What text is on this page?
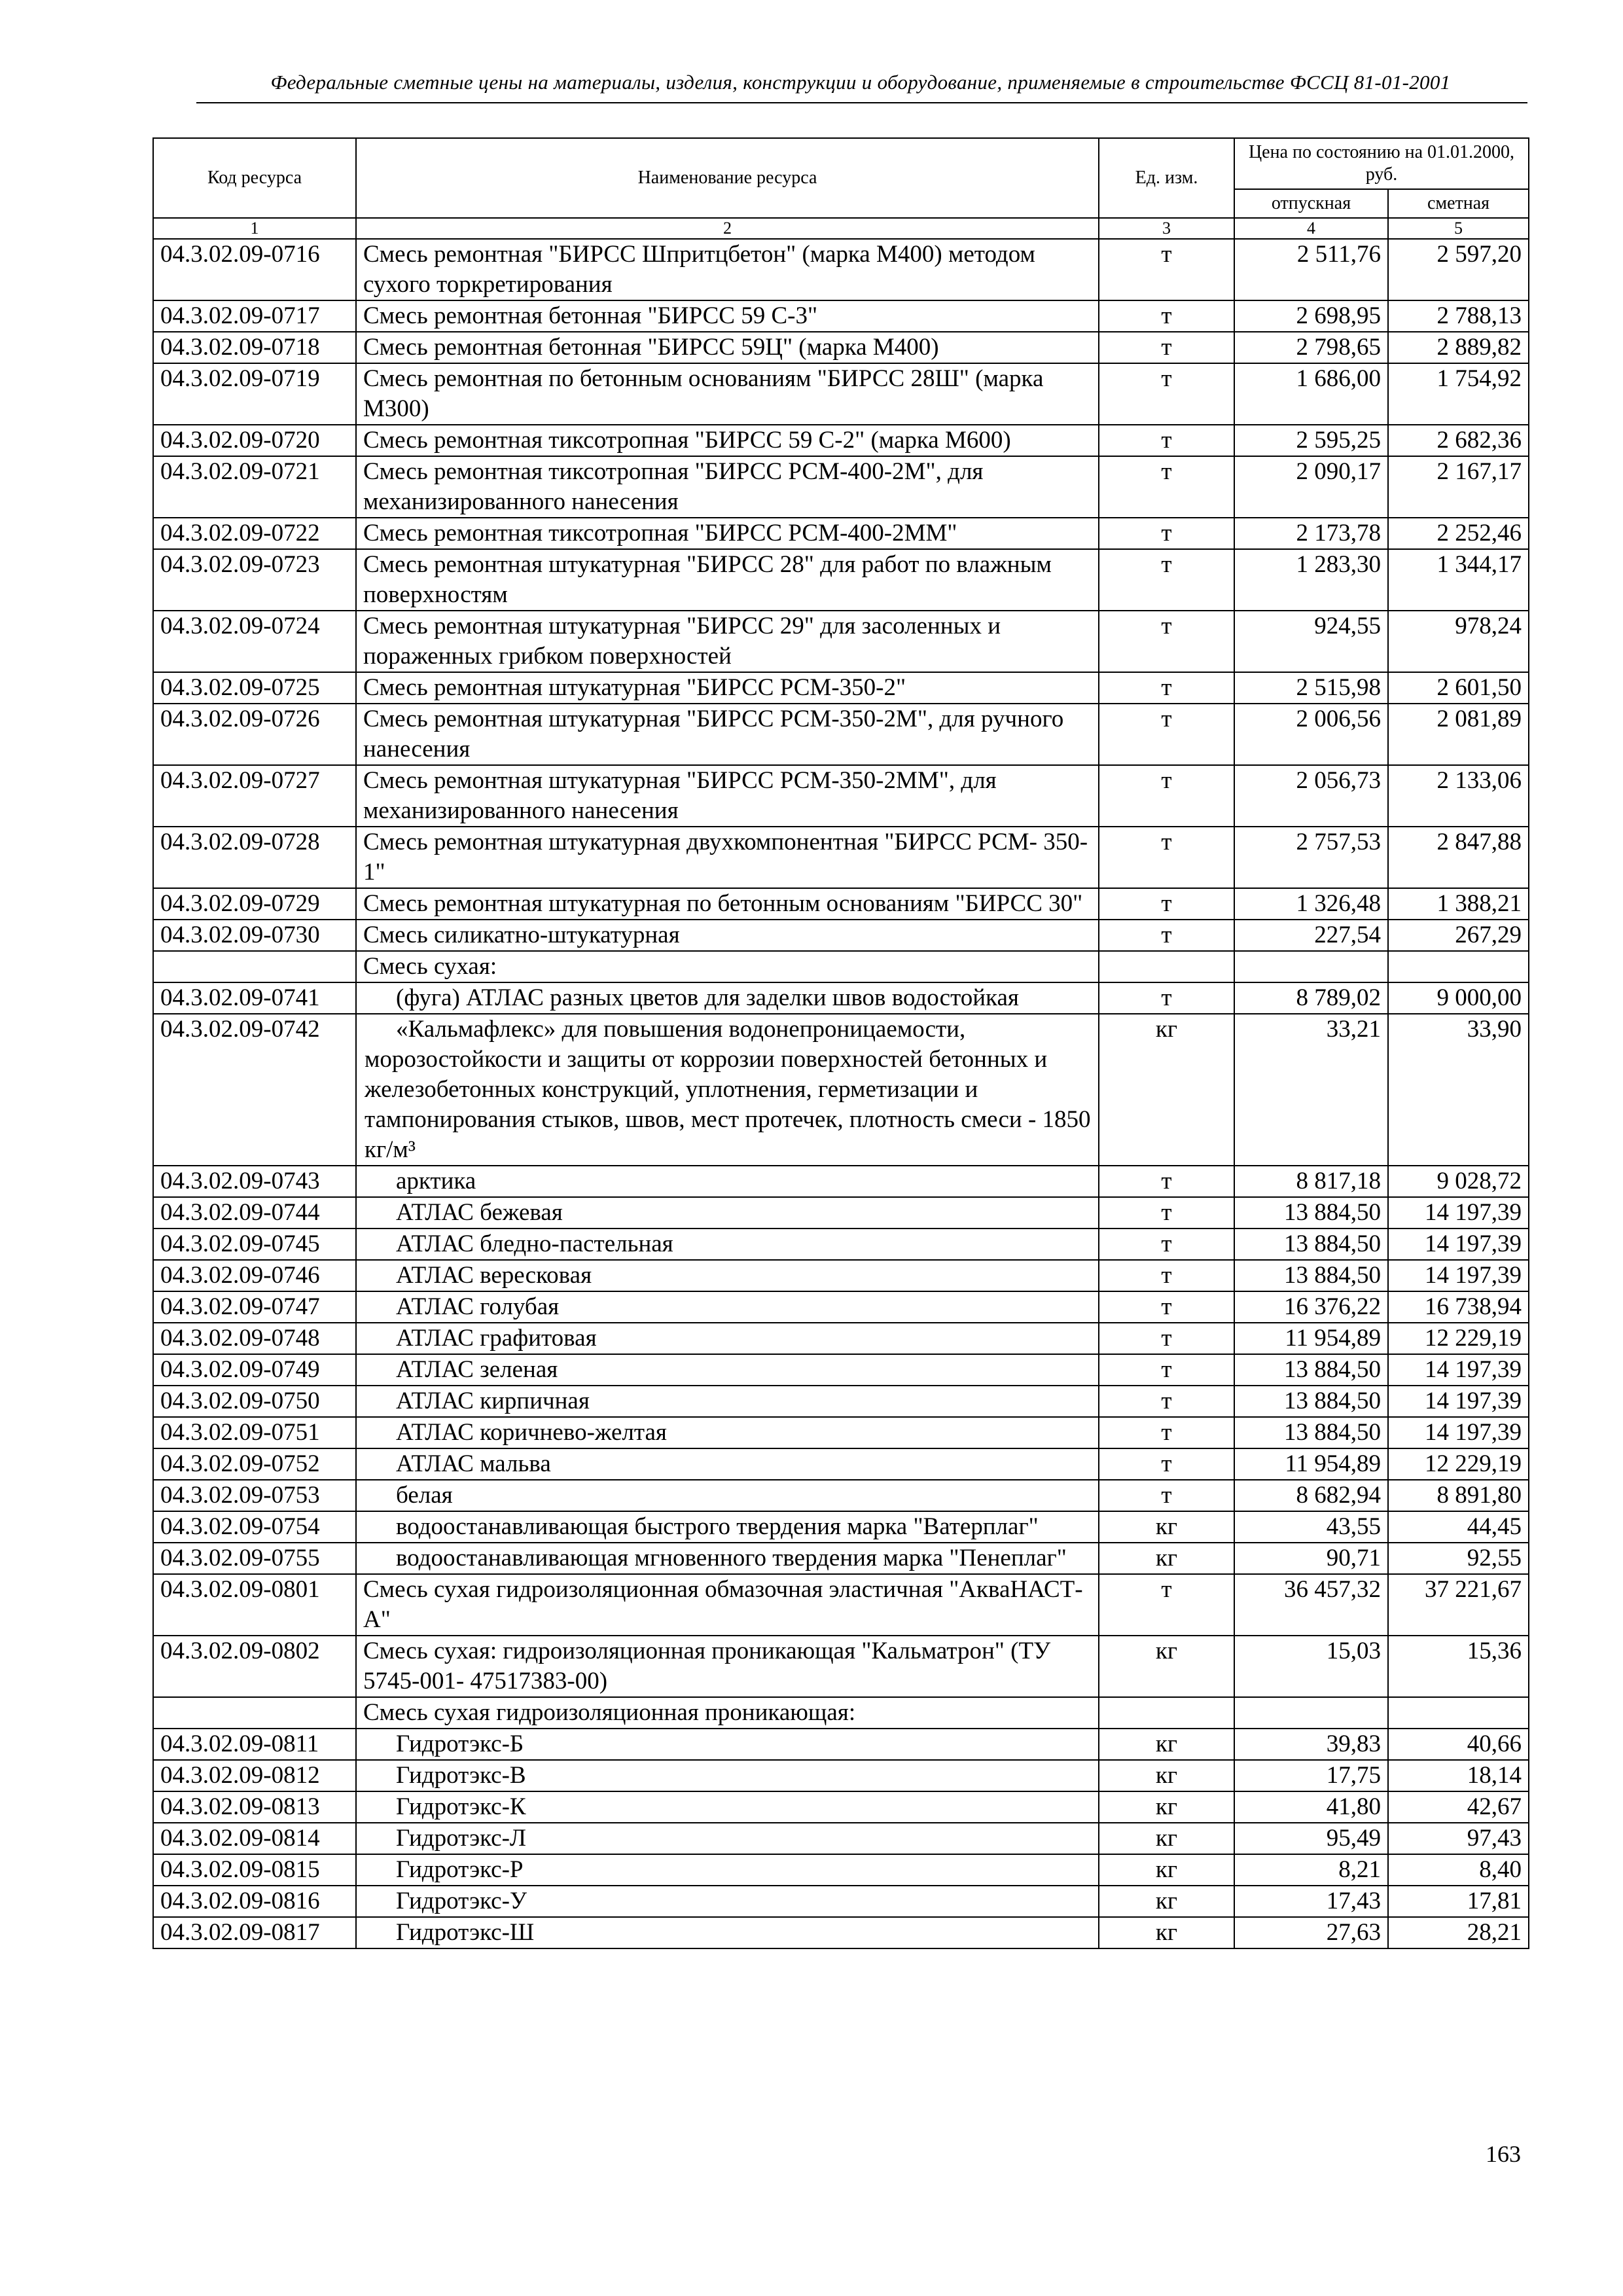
Федеральные сметные цены на материалы, изделия, конструкции и оборудование, применяемые в строительстве ФССЦ 81-01-2001
Код ресурса	Наименование ресурса	Ед. изм.	Цена по состоянию на 01.01.2000, руб.	
			отпускная	сметная
1	2	3	4	5
04.3.02.09-0716	Смесь ремонтная "БИРСС Шпритцбетон" (марка М400) методом сухого торкретирования	т	2 511,76	2 597,20
04.3.02.09-0717	Смесь ремонтная бетонная "БИРСС 59 С-3"	т	2 698,95	2 788,13
04.3.02.09-0718	Смесь ремонтная бетонная "БИРСС 59Ц" (марка М400)	т	2 798,65	2 889,82
04.3.02.09-0719	Смесь ремонтная по бетонным основаниям "БИРСС 28Ш" (марка М300)	т	1 686,00	1 754,92
04.3.02.09-0720	Смесь ремонтная тиксотропная "БИРСС 59 С-2" (марка М600)	т	2 595,25	2 682,36
04.3.02.09-0721	Смесь ремонтная тиксотропная "БИРСС РСМ-400-2М", для механизированного нанесения	т	2 090,17	2 167,17
04.3.02.09-0722	Смесь ремонтная тиксотропная "БИРСС РСМ-400-2ММ"	т	2 173,78	2 252,46
04.3.02.09-0723	Смесь ремонтная штукатурная "БИРСС 28" для работ по влажным поверхностям	т	1 283,30	1 344,17
04.3.02.09-0724	Смесь ремонтная штукатурная "БИРСС 29" для засоленных и пораженных грибком поверхностей	т	924,55	978,24
04.3.02.09-0725	Смесь ремонтная штукатурная "БИРСС РСМ-350-2"	т	2 515,98	2 601,50
04.3.02.09-0726	Смесь ремонтная штукатурная "БИРСС РСМ-350-2М", для ручного нанесения	т	2 006,56	2 081,89
04.3.02.09-0727	Смесь ремонтная штукатурная "БИРСС РСМ-350-2ММ", для механизированного нанесения	т	2 056,73	2 133,06
04.3.02.09-0728	Смесь ремонтная штукатурная двухкомпонентная "БИРСС РСМ- 350-1"	т	2 757,53	2 847,88
04.3.02.09-0729	Смесь ремонтная штукатурная по бетонным основаниям "БИРСС 30"	т	1 326,48	1 388,21
04.3.02.09-0730	Смесь силикатно-штукатурная	т	227,54	267,29
	Смесь сухая:			
04.3.02.09-0741	(фуга) АТЛАС разных цветов для заделки швов водостойкая	т	8 789,02	9 000,00
04.3.02.09-0742	«Кальмафлекс» для повышения водонепроницаемости, морозостойкости и защиты от коррозии поверхностей бетонных и железобетонных конструкций, уплотнения, герметизации и тампонирования стыков, швов, мест протечек, плотность смеси - 1850 кг/м³	кг	33,21	33,90
04.3.02.09-0743	арктика	т	8 817,18	9 028,72
04.3.02.09-0744	АТЛАС бежевая	т	13 884,50	14 197,39
04.3.02.09-0745	АТЛАС бледно-пастельная	т	13 884,50	14 197,39
04.3.02.09-0746	АТЛАС вересковая	т	13 884,50	14 197,39
04.3.02.09-0747	АТЛАС голубая	т	16 376,22	16 738,94
04.3.02.09-0748	АТЛАС графитовая	т	11 954,89	12 229,19
04.3.02.09-0749	АТЛАС зеленая	т	13 884,50	14 197,39
04.3.02.09-0750	АТЛАС кирпичная	т	13 884,50	14 197,39
04.3.02.09-0751	АТЛАС коричнево-желтая	т	13 884,50	14 197,39
04.3.02.09-0752	АТЛАС мальва	т	11 954,89	12 229,19
04.3.02.09-0753	белая	т	8 682,94	8 891,80
04.3.02.09-0754	водоостанавливающая быстрого твердения марка "Ватерплаг"	кг	43,55	44,45
04.3.02.09-0755	водоостанавливающая мгновенного твердения марка "Пенеплаг"	кг	90,71	92,55
04.3.02.09-0801	Смесь сухая гидроизоляционная обмазочная эластичная "АкваНАСТ-А"	т	36 457,32	37 221,67
04.3.02.09-0802	Смесь сухая: гидроизоляционная проникающая "Кальматрон" (ТУ 5745-001- 47517383-00)	кг	15,03	15,36
	Смесь сухая гидроизоляционная проникающая:			
04.3.02.09-0811	Гидротэкс-Б	кг	39,83	40,66
04.3.02.09-0812	Гидротэкс-В	кг	17,75	18,14
04.3.02.09-0813	Гидротэкс-К	кг	41,80	42,67
04.3.02.09-0814	Гидротэкс-Л	кг	95,49	97,43
04.3.02.09-0815	Гидротэкс-Р	кг	8,21	8,40
04.3.02.09-0816	Гидротэкс-У	кг	17,43	17,81
04.3.02.09-0817	Гидротэкс-Ш	кг	27,63	28,21
163
